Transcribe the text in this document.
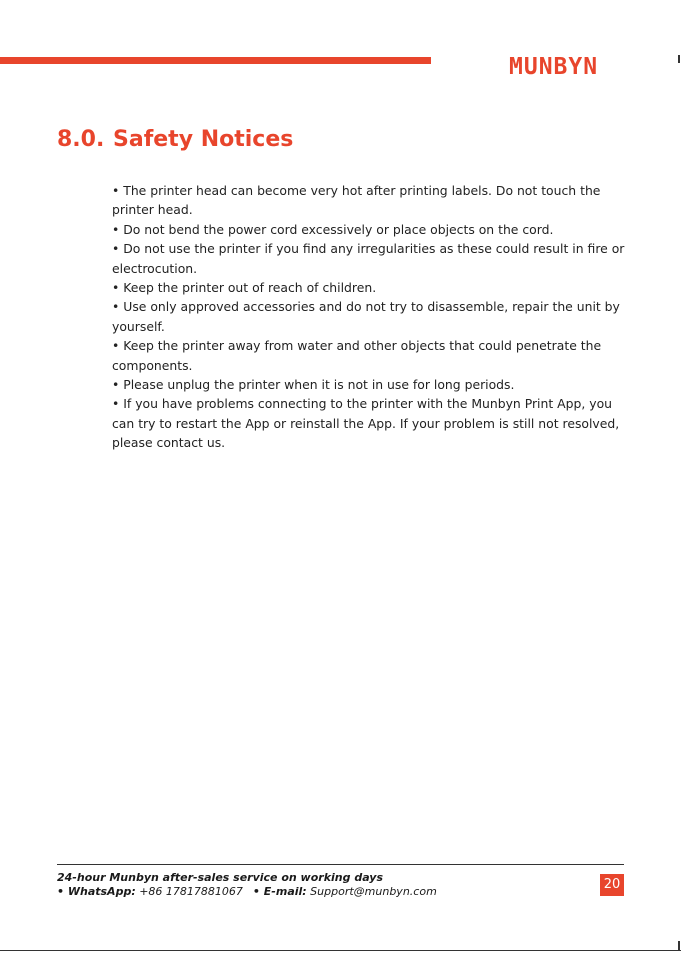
MUNBYN
8.0. Safety Notices
• The printer head can become very hot after printing labels. Do not touch the printer head.
• Do not bend the power cord excessively or place objects on the cord.
• Do not use the printer if you find any irregularities as these could result in fire or electrocution.
• Keep the printer out of reach of children.
• Use only approved accessories and do not try to disassemble, repair the unit by yourself.
• Keep the printer away from water and other objects that could penetrate the components.
• Please unplug the printer when it is not in use for long periods.
• If you have problems connecting to the printer with the Munbyn Print App, you can try to restart the App or reinstall the App. If your problem is still not resolved, please contact us.
24-hour Munbyn after-sales service on working days
• WhatsApp: +86 17817881067 • E-mail: Support@munbyn.com	20
